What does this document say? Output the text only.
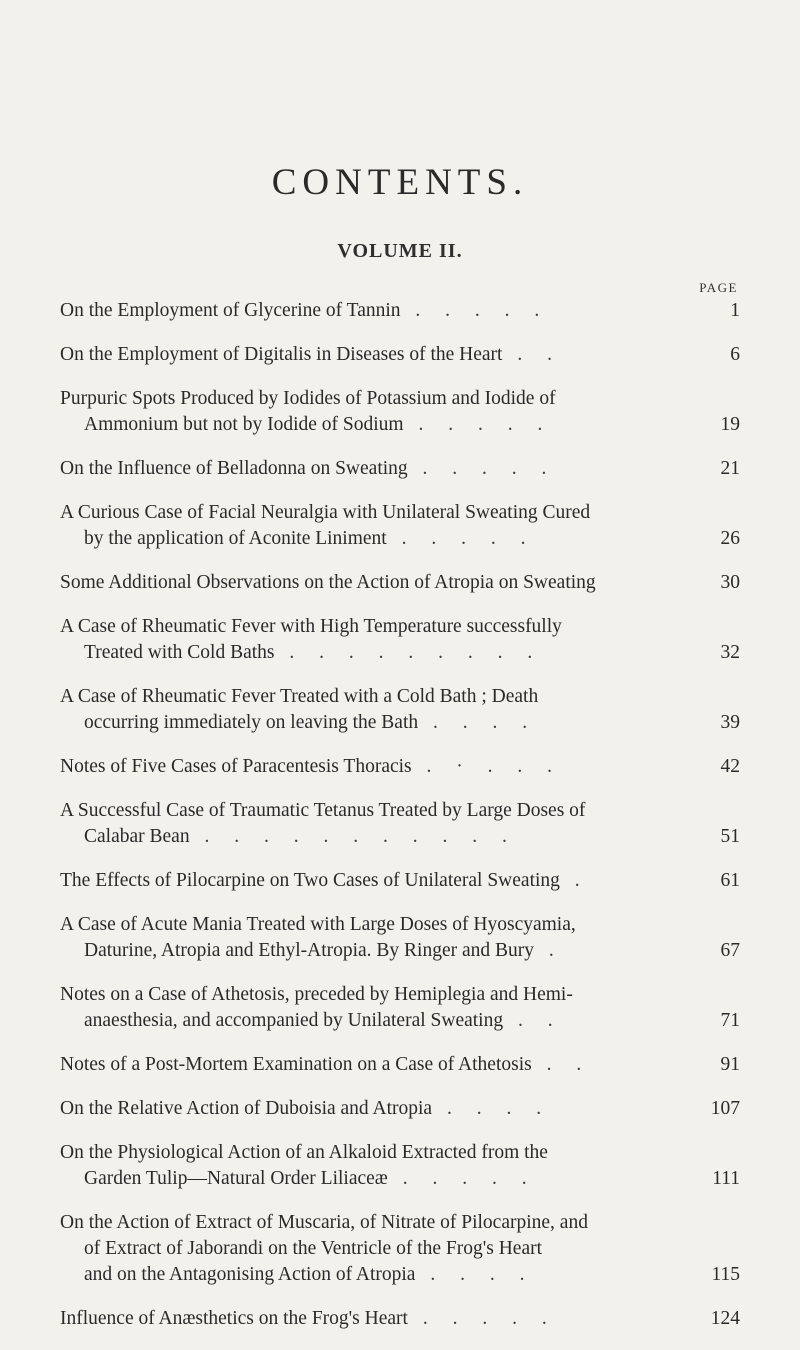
CONTENTS.
VOLUME II.
PAGE
On the Employment of Glycerine of Tannin . . . . .	1
On the Employment of Digitalis in Diseases of the Heart . .	6
Purpuric Spots Produced by Iodides of Potassium and Iodide of
Ammonium but not by Iodide of Sodium . . . . .	19
On the Influence of Belladonna on Sweating . . . . .	21
A Curious Case of Facial Neuralgia with Unilateral Sweating Cured
by the application of Aconite Liniment . . . . .	26
Some Additional Observations on the Action of Atropia on Sweating	30
A Case of Rheumatic Fever with High Temperature successfully
Treated with Cold Baths . . . . . . . . .	32
A Case of Rheumatic Fever Treated with a Cold Bath ; Death
occurring immediately on leaving the Bath . . . .	39
Notes of Five Cases of Paracentesis Thoracis . · . . .	42
A Successful Case of Traumatic Tetanus Treated by Large Doses of
Calabar Bean . . . . . . . . . . .	51
The Effects of Pilocarpine on Two Cases of Unilateral Sweating .	61
A Case of Acute Mania Treated with Large Doses of Hyoscyamia,
Daturine, Atropia and Ethyl-Atropia. By Ringer and Bury .	67
Notes on a Case of Athetosis, preceded by Hemiplegia and Hemi-
anaesthesia, and accompanied by Unilateral Sweating . .	71
Notes of a Post-Mortem Examination on a Case of Athetosis . .	91
On the Relative Action of Duboisia and Atropia . . . .	107
On the Physiological Action of an Alkaloid Extracted from the
Garden Tulip—Natural Order Liliaceæ . . . . .	111
On the Action of Extract of Muscaria, of Nitrate of Pilocarpine, and
of Extract of Jaborandi on the Ventricle of the Frog's Heart
and on the Antagonising Action of Atropia . . . .	115
Influence of Anæsthetics on the Frog's Heart . . . . .	124
